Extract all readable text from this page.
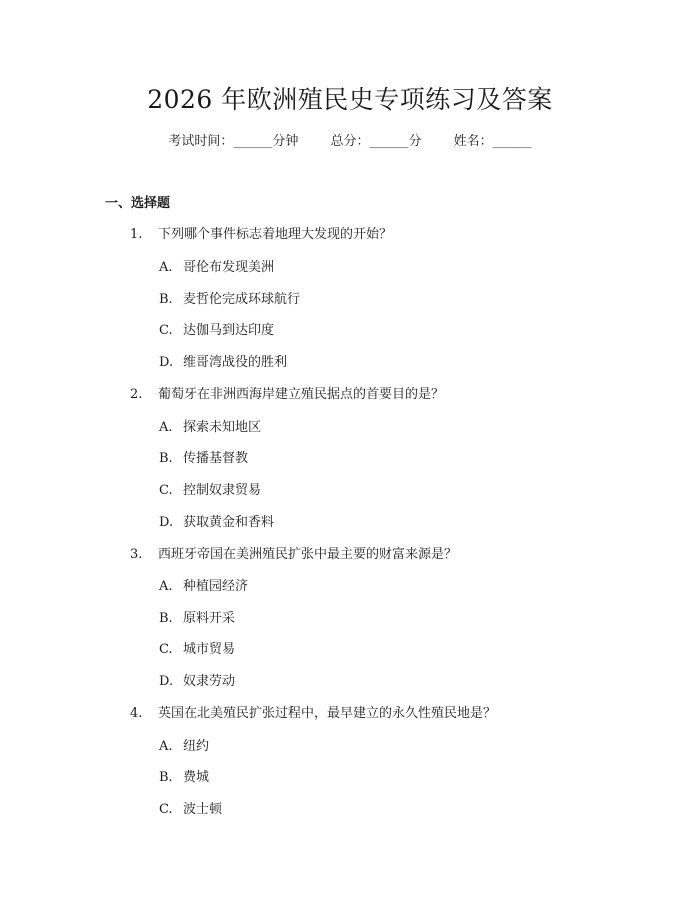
2026 年欧洲殖民史专项练习及答案
考试时间：______分钟 总分：______分 姓名：______
一、选择题
1. 下列哪个事件标志着地理大发现的开始？
A. 哥伦布发现美洲
B. 麦哲伦完成环球航行
C. 达伽马到达印度
D. 维哥湾战役的胜利
2. 葡萄牙在非洲西海岸建立殖民据点的首要目的是？
A. 探索未知地区
B. 传播基督教
C. 控制奴隶贸易
D. 获取黄金和香料
3. 西班牙帝国在美洲殖民扩张中最主要的财富来源是？
A. 种植园经济
B. 原料开采
C. 城市贸易
D. 奴隶劳动
4. 英国在北美殖民扩张过程中，最早建立的永久性殖民地是？
A. 纽约
B. 费城
C. 波士顿
